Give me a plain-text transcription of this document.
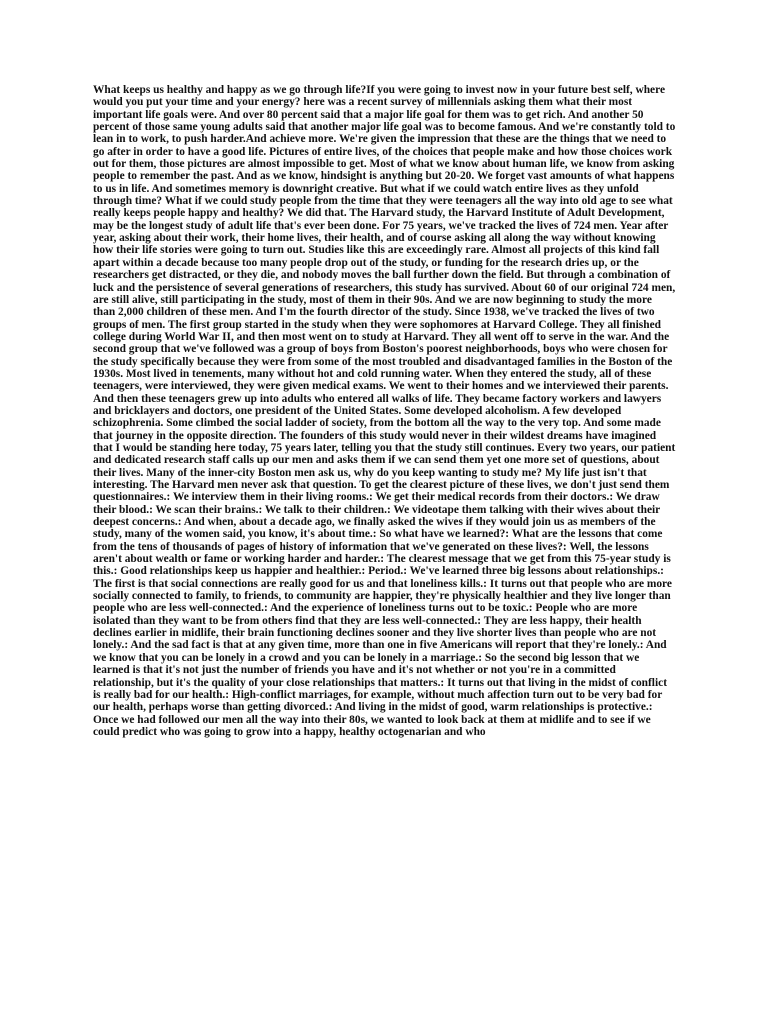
What keeps us healthy and happy as we go through life?If you were going to invest now in your future best self, where would you put your time and your energy? here was a recent survey of millennials asking them what their most important life goals were. And over 80 percent said that a major life goal for them was to get rich. And another 50 percent of those same young adults said that another major life goal was to become famous. And we're constantly told to lean in to work, to push harder.And achieve more. We're given the impression that these are the things that we need to go after in order to have a good life. Pictures of entire lives, of the choices that people make and how those choices work out for them, those pictures are almost impossible to get. Most of what we know about human life, we know from asking people to remember the past. And as we know, hindsight is anything but 20-20. We forget vast amounts of what happens to us in life. And sometimes memory is downright creative. But what if we could watch entire lives as they unfold through time? What if we could study people from the time that they were teenagers all the way into old age to see what really keeps people happy and healthy? We did that. The Harvard study, the Harvard Institute of Adult Development, may be the longest study of adult life that's ever been done. For 75 years, we've tracked the lives of 724 men. Year after year, asking about their work, their home lives, their health, and of course asking all along the way without knowing how their life stories were going to turn out. Studies like this are exceedingly rare. Almost all projects of this kind fall apart within a decade because too many people drop out of the study, or funding for the research dries up, or the researchers get distracted, or they die, and nobody moves the ball further down the field. But through a combination of luck and the persistence of several generations of researchers, this study has survived. About 60 of our original 724 men, are still alive, still participating in the study, most of them in their 90s. And we are now beginning to study the more than 2,000 children of these men. And I'm the fourth director of the study. Since 1938, we've tracked the lives of two groups of men. The first group started in the study when they were sophomores at Harvard College. They all finished college during World War II, and then most went on to study at Harvard. They all went off to serve in the war. And the second group that we've followed was a group of boys from Boston's poorest neighborhoods, boys who were chosen for the study specifically because they were from some of the most troubled and disadvantaged families in the Boston of the 1930s. Most lived in tenements, many without hot and cold running water. When they entered the study, all of these teenagers, were interviewed, they were given medical exams. We went to their homes and we interviewed their parents. And then these teenagers grew up into adults who entered all walks of life. They became factory workers and lawyers and bricklayers and doctors, one president of the United States. Some developed alcoholism. A few developed schizophrenia. Some climbed the social ladder of society, from the bottom all the way to the very top. And some made that journey in the opposite direction. The founders of this study would never in their wildest dreams have imagined that I would be standing here today, 75 years later, telling you that the study still continues. Every two years, our patient and dedicated research staff calls up our men and asks them if we can send them yet one more set of questions, about their lives. Many of the inner-city Boston men ask us, why do you keep wanting to study me? My life just isn't that interesting. The Harvard men never ask that question. To get the clearest picture of these lives, we don't just send them questionnaires.: We interview them in their living rooms.: We get their medical records from their doctors.: We draw their blood.: We scan their brains.: We talk to their children.: We videotape them talking with their wives about their deepest concerns.: And when, about a decade ago, we finally asked the wives if they would join us as members of the study, many of the women said, you know, it's about time.: So what have we learned?: What are the lessons that come from the tens of thousands of pages of history of information that we've generated on these lives?: Well, the lessons aren't about wealth or fame or working harder and harder.: The clearest message that we get from this 75-year study is this.: Good relationships keep us happier and healthier.: Period.: We've learned three big lessons about relationships.: The first is that social connections are really good for us and that loneliness kills.: It turns out that people who are more socially connected to family, to friends, to community are happier, they're physically healthier and they live longer than people who are less well-connected.: And the experience of loneliness turns out to be toxic.: People who are more isolated than they want to be from others find that they are less well-connected.: They are less happy, their health declines earlier in midlife, their brain functioning declines sooner and they live shorter lives than people who are not lonely.: And the sad fact is that at any given time, more than one in five Americans will report that they're lonely.: And we know that you can be lonely in a crowd and you can be lonely in a marriage.: So the second big lesson that we learned is that it's not just the number of friends you have and it's not whether or not you're in a committed relationship, but it's the quality of your close relationships that matters.: It turns out that living in the midst of conflict is really bad for our health.: High-conflict marriages, for example, without much affection turn out to be very bad for our health, perhaps worse than getting divorced.: And living in the midst of good, warm relationships is protective.: Once we had followed our men all the way into their 80s, we wanted to look back at them at midlife and to see if we could predict who was going to grow into a happy, healthy octogenarian and who
